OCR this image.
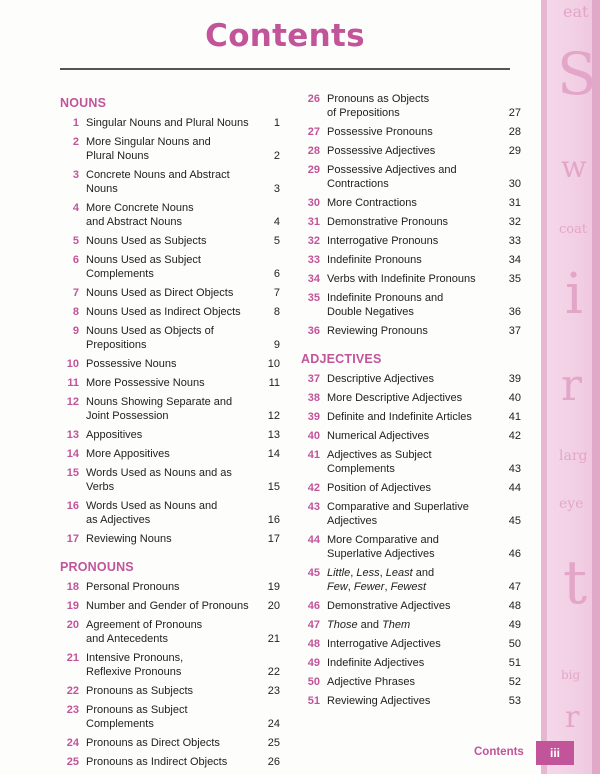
Contents
NOUNS
1 Singular Nouns and Plural Nouns	1
2 More Singular Nouns and
Plural Nouns	2
3 Concrete Nouns and Abstract Nouns	3
4 More Concrete Nouns
and Abstract Nouns	4
5 Nouns Used as Subjects	5
6 Nouns Used as Subject Complements	6
7 Nouns Used as Direct Objects	7
8 Nouns Used as Indirect Objects	8
9 Nouns Used as Objects of Prepositions	9
10 Possessive Nouns	10
11 More Possessive Nouns	11
12 Nouns Showing Separate and
Joint Possession	12
13 Appositives	13
14 More Appositives	14
15 Words Used as Nouns and as Verbs	15
16 Words Used as Nouns and
as Adjectives	16
17 Reviewing Nouns	17
PRONOUNS
18 Personal Pronouns	19
19 Number and Gender of Pronouns	20
20 Agreement of Pronouns
and Antecedents	21
21 Intensive Pronouns,
Reflexive Pronouns	22
22 Pronouns as Subjects	23
23 Pronouns as Subject Complements	24
24 Pronouns as Direct Objects	25
25 Pronouns as Indirect Objects	26
26 Pronouns as Objects
of Prepositions	27
27 Possessive Pronouns	28
28 Possessive Adjectives	29
29 Possessive Adjectives and
Contractions	30
30 More Contractions	31
31 Demonstrative Pronouns	32
32 Interrogative Pronouns	33
33 Indefinite Pronouns	34
34 Verbs with Indefinite Pronouns	35
35 Indefinite Pronouns and
Double Negatives	36
36 Reviewing Pronouns	37
ADJECTIVES
37 Descriptive Adjectives	39
38 More Descriptive Adjectives	40
39 Definite and Indefinite Articles	41
40 Numerical Adjectives	42
41 Adjectives as Subject Complements	43
42 Position of Adjectives	44
43 Comparative and Superlative
Adjectives	45
44 More Comparative and
Superlative Adjectives	46
45 Little, Less, Least and
Few, Fewer, Fewest	47
46 Demonstrative Adjectives	48
47 Those and Them	49
48 Interrogative Adjectives	50
49 Indefinite Adjectives	51
50 Adjective Phrases	52
51 Reviewing Adjectives	53
eat
S
w
coat
i
r
larg
eye
t
big
r
Contents	iii
